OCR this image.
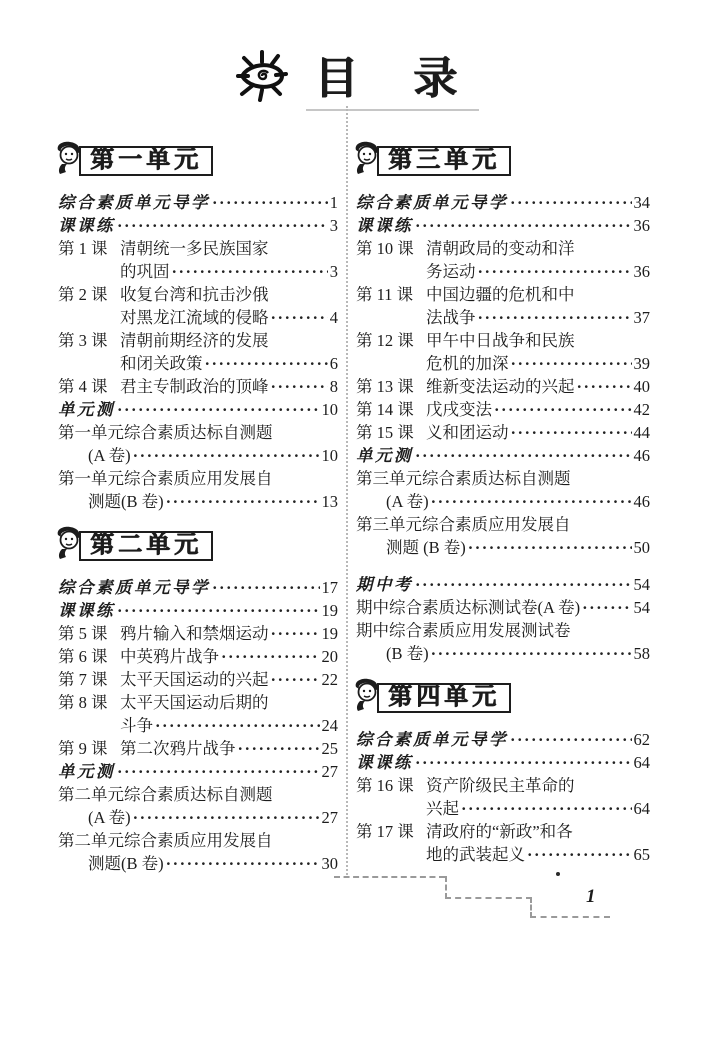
目 录
第一单元
综合素质单元导学 ·····	1
课课练 ·····	3
第 1 课 清朝统一多民族国家
的巩固 ·····	3
第 2 课 收复台湾和抗击沙俄
对黑龙江流域的侵略 ·····	4
第 3 课 清朝前期经济的发展
和闭关政策 ·····	6
第 4 课 君主专制政治的顶峰 ·····	8
单元测 ·····	10
第一单元综合素质达标自测题
(A 卷) ·····	10
第一单元综合素质应用发展自
测题(B 卷) ·····	13
第二单元
综合素质单元导学 ·····	17
课课练 ·····	19
第 5 课 鸦片输入和禁烟运动 ·····	19
第 6 课 中英鸦片战争 ·····	20
第 7 课 太平天国运动的兴起 ·····	22
第 8 课 太平天国运动后期的
斗争 ·····	24
第 9 课 第二次鸦片战争 ·····	25
单元测 ·····	27
第二单元综合素质达标自测题
(A 卷) ·····	27
第二单元综合素质应用发展自
测题(B 卷) ·····	30
第三单元
综合素质单元导学 ·····	34
课课练 ·····	36
第 10 课 清朝政局的变动和洋
务运动 ·····	36
第 11 课 中国边疆的危机和中
法战争 ·····	37
第 12 课 甲午中日战争和民族
危机的加深 ·····	39
第 13 课 维新变法运动的兴起 ·····	40
第 14 课 戊戌变法 ·····	42
第 15 课 义和团运动 ·····	44
单元测 ·····	46
第三单元综合素质达标自测题
(A 卷) ·····	46
第三单元综合素质应用发展自
测题 (B 卷) ·····	50
期中考 ·····	54
期中综合素质达标测试卷(A 卷) ·····	54
期中综合素质应用发展测试卷
(B 卷) ·····	58
第四单元
综合素质单元导学 ·····	62
课课练 ·····	64
第 16 课 资产阶级民主革命的
兴起 ·····	64
第 17 课 清政府的“新政”和各
地的武装起义 ·····	65
1
